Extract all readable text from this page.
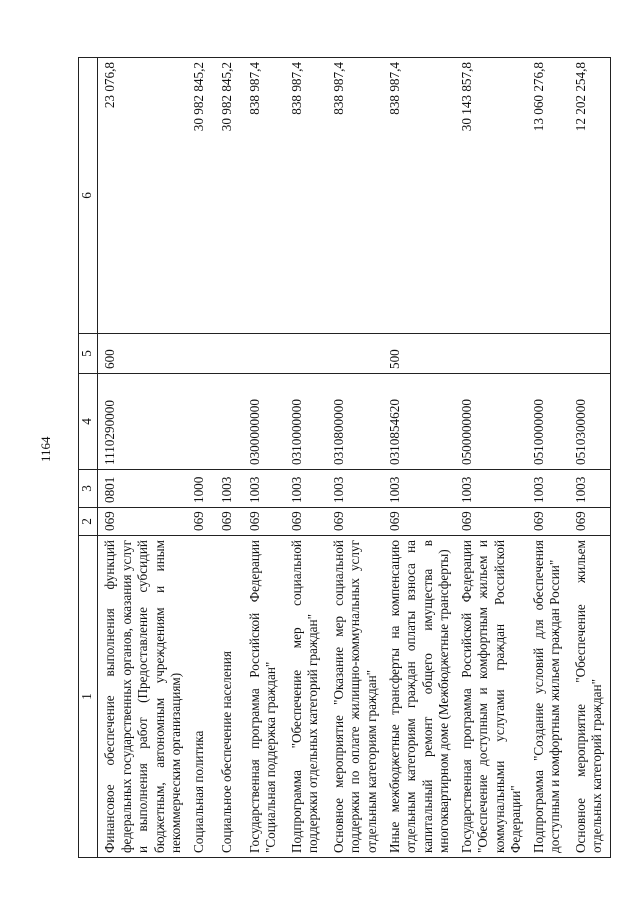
1164
1	2	3	4	5	6
Финансовое обеспечение выполнения функций федеральных государственных органов, оказания услуг и выполнения работ (Предоставление субсидий бюджетным, автономным учреждениям и иным некоммерческим организациям)	069	0801	1110290000	600	23 076,8
Социальная политика	069	1000			30 982 845,2
Социальное обеспечение населения	069	1003			30 982 845,2
Государственная программа Российской Федерации "Социальная поддержка граждан"	069	1003	0300000000		838 987,4
Подпрограмма "Обеспечение мер социальной поддержки отдельных категорий граждан"	069	1003	0310000000		838 987,4
Основное мероприятие "Оказание мер социальной поддержки по оплате жилищно-коммунальных услуг отдельным категориям граждан"	069	1003	0310800000		838 987,4
Иные межбюджетные трансферты на компенсацию отдельным категориям граждан оплаты взноса на капитальный ремонт общего имущества в многоквартирном доме (Межбюджетные трансферты)	069	1003	0310854620	500	838 987,4
Государственная программа Российской Федерации "Обеспечение доступным и комфортным жильем и коммунальными услугами граждан Российской Федерации"	069	1003	0500000000		30 143 857,8
Подпрограмма "Создание условий для обеспечения доступным и комфортным жильем граждан России"	069	1003	0510000000		13 060 276,8
Основное мероприятие "Обеспечение жильем отдельных категорий граждан"	069	1003	0510300000		12 202 254,8
